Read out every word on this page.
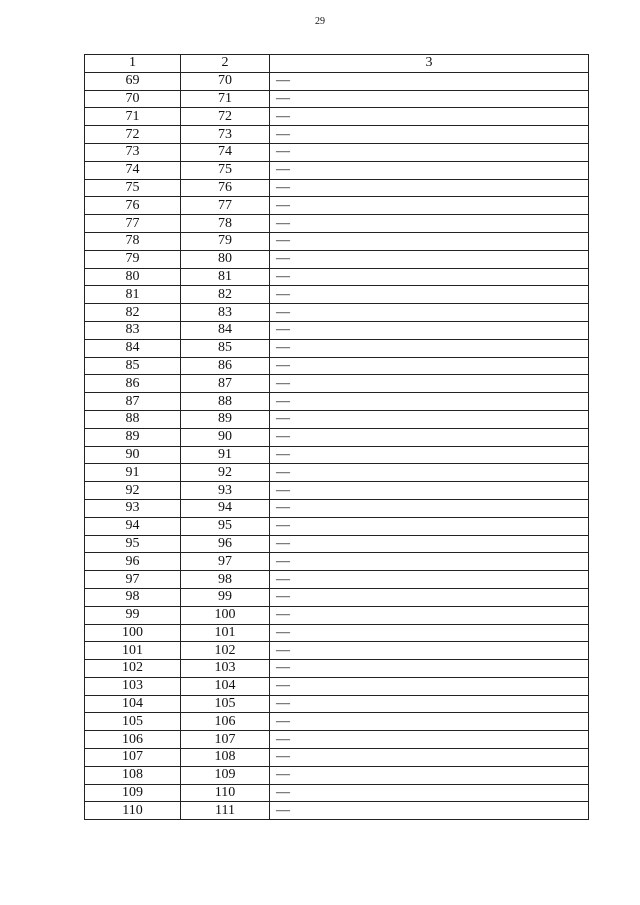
29
1	2	3
69	70	—
70	71	—
71	72	—
72	73	—
73	74	—
74	75	—
75	76	—
76	77	—
77	78	—
78	79	—
79	80	—
80	81	—
81	82	—
82	83	—
83	84	—
84	85	—
85	86	—
86	87	—
87	88	—
88	89	—
89	90	—
90	91	—
91	92	—
92	93	—
93	94	—
94	95	—
95	96	—
96	97	—
97	98	—
98	99	—
99	100	—
100	101	—
101	102	—
102	103	—
103	104	—
104	105	—
105	106	—
106	107	—
107	108	—
108	109	—
109	110	—
110	111	—
